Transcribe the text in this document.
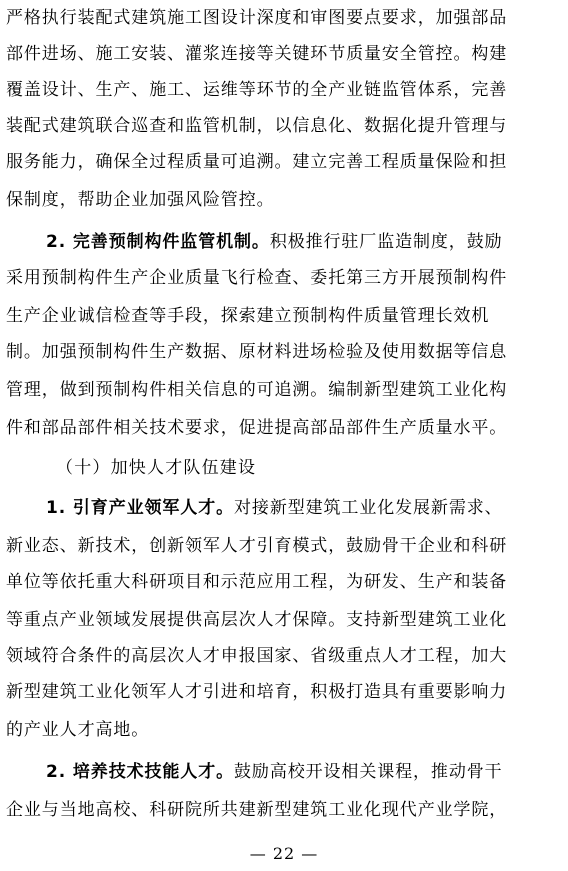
严格执行装配式建筑施工图设计深度和审图要点要求，加强部品
部件进场、施工安装、灌浆连接等关键环节质量安全管控。构建
覆盖设计、生产、施工、运维等环节的全产业链监管体系，完善
装配式建筑联合巡查和监管机制，以信息化、数据化提升管理与
服务能力，确保全过程质量可追溯。建立完善工程质量保险和担
保制度，帮助企业加强风险管控。
2. 完善预制构件监管机制。积极推行驻厂监造制度，鼓励
采用预制构件生产企业质量飞行检查、委托第三方开展预制构件
生产企业诚信检查等手段，探索建立预制构件质量管理长效机
制。加强预制构件生产数据、原材料进场检验及使用数据等信息
管理，做到预制构件相关信息的可追溯。编制新型建筑工业化构
件和部品部件相关技术要求，促进提高部品部件生产质量水平。
（十）加快人才队伍建设
1. 引育产业领军人才。对接新型建筑工业化发展新需求、
新业态、新技术，创新领军人才引育模式，鼓励骨干企业和科研
单位等依托重大科研项目和示范应用工程，为研发、生产和装备
等重点产业领域发展提供高层次人才保障。支持新型建筑工业化
领域符合条件的高层次人才申报国家、省级重点人才工程，加大
新型建筑工业化领军人才引进和培育，积极打造具有重要影响力
的产业人才高地。
2. 培养技术技能人才。鼓励高校开设相关课程，推动骨干
企业与当地高校、科研院所共建新型建筑工业化现代产业学院，
— 22 —
